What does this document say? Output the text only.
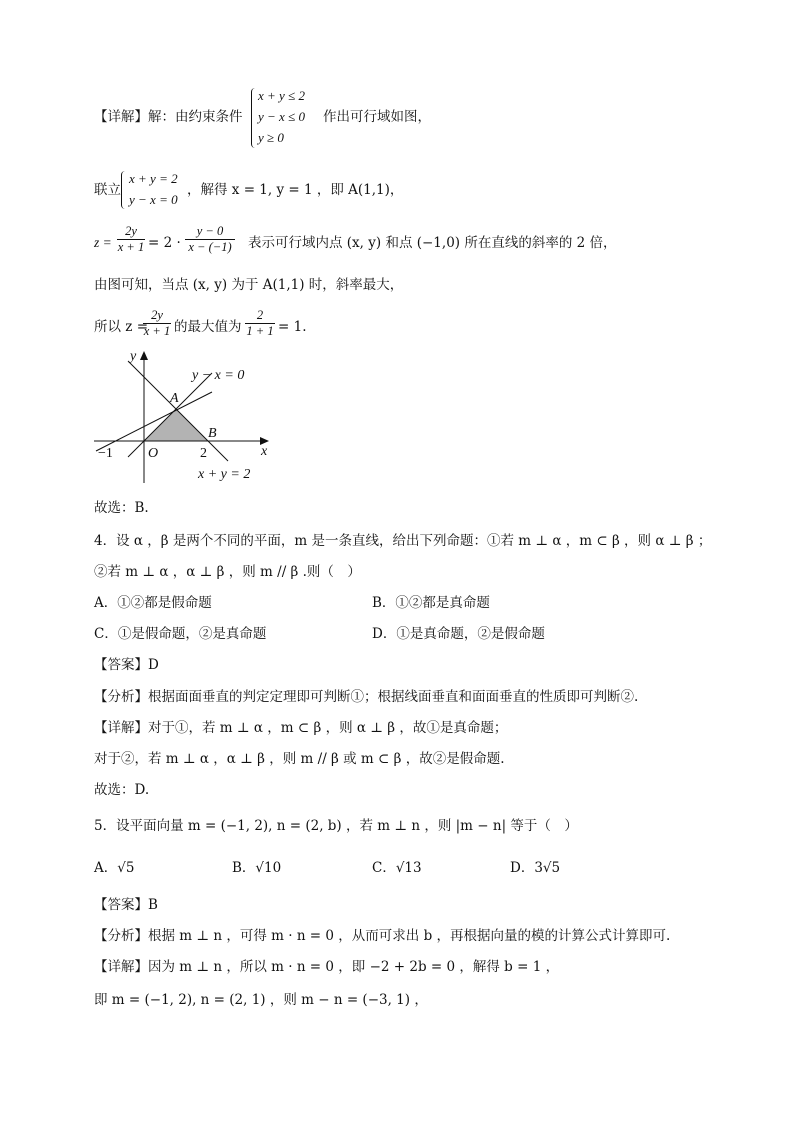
【详解】解：由约束条件
x + y ≤ 2
y − x ≤ 0
y ≥ 0
作出可行域如图，
联立
x + y = 2
y − x = 0
，解得 x = 1, y = 1 ，即 A(1,1)，
$z = \frac{2y}{x + 1} = 2 \cdot \frac{y - 0}{x - (-1)}$ 表示可行域内点 (x, y) 和点 (−1,0) 所在直线的斜率的 2 倍，
由图可知，当点 (x, y) 为于 A(1,1) 时，斜率最大，
所以 z =
$\frac{2y}{x + 1}$ 的最大值为 $\frac{2}{1 + 1} = 1$.
y
x
y − x = 0
A
B
O
−1	2
x + y = 2
故选：B.
4．设 α ，β 是两个不同的平面，m 是一条直线，给出下列命题：①若 m ⊥ α ，m ⊂ β ，则 α ⊥ β ；
②若 m ⊥ α ，α ⊥ β ，则 m // β .则（　）
A．①②都是假命题	B．①②都是真命题
C．①是假命题，②是真命题	D．①是真命题，②是假命题
【答案】D
【分析】根据面面垂直的判定定理即可判断①；根据线面垂直和面面垂直的性质即可判断②.
【详解】对于①，若 m ⊥ α ，m ⊂ β ，则 α ⊥ β ，故①是真命题；
对于②，若 m ⊥ α ，α ⊥ β ，则 m // β 或 m ⊂ β ，故②是假命题.
故选：D.
5．设平面向量 m = (−1, 2), n = (2, b) ，若 m ⊥ n ，则 |m − n| 等于（　）
A．√5	B．√10	C．√13	D．3√5
【答案】B
【分析】根据 m ⊥ n ，可得 m · n = 0 ，从而可求出 b ，再根据向量的模的计算公式计算即可.
【详解】因为 m ⊥ n ，所以 m · n = 0 ，即 −2 + 2b = 0 ，解得 b = 1 ，
即 m = (−1, 2), n = (2, 1) ，则 m − n = (−3, 1) ，
